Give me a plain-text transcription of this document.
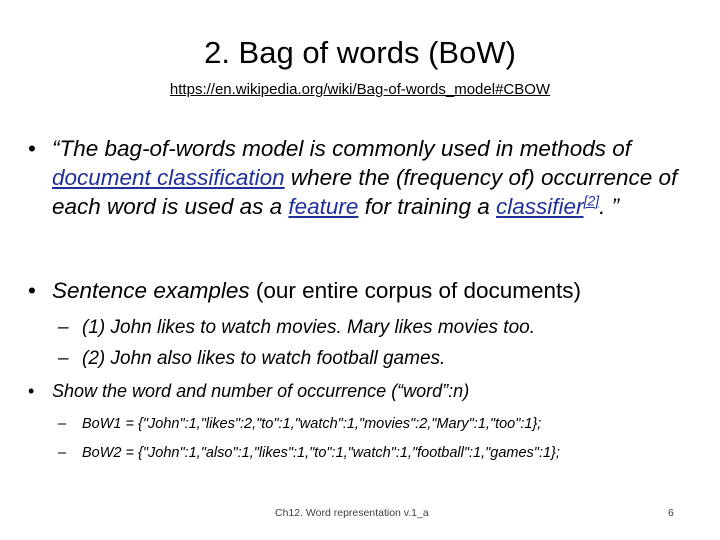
2. Bag of words (BoW)
https://en.wikipedia.org/wiki/Bag-of-words_model#CBOW
• “The bag-of-words model is commonly used in methods of document classification where the (frequency of) occurrence of each word is used as a feature for training a classifier[2]. ”
• Sentence examples (our entire corpus of documents)
– (1) John likes to watch movies. Mary likes movies too.
– (2) John also likes to watch football games.
• Show the word and number of occurrence (“word”:n)
– BoW1 = {"John":1,"likes":2,"to":1,"watch":1,"movies":2,"Mary":1,"too":1};
– BoW2 = {"John":1,"also":1,"likes":1,"to":1,"watch":1,"football":1,"games":1};
Ch12. Word representation v.1_a	6
